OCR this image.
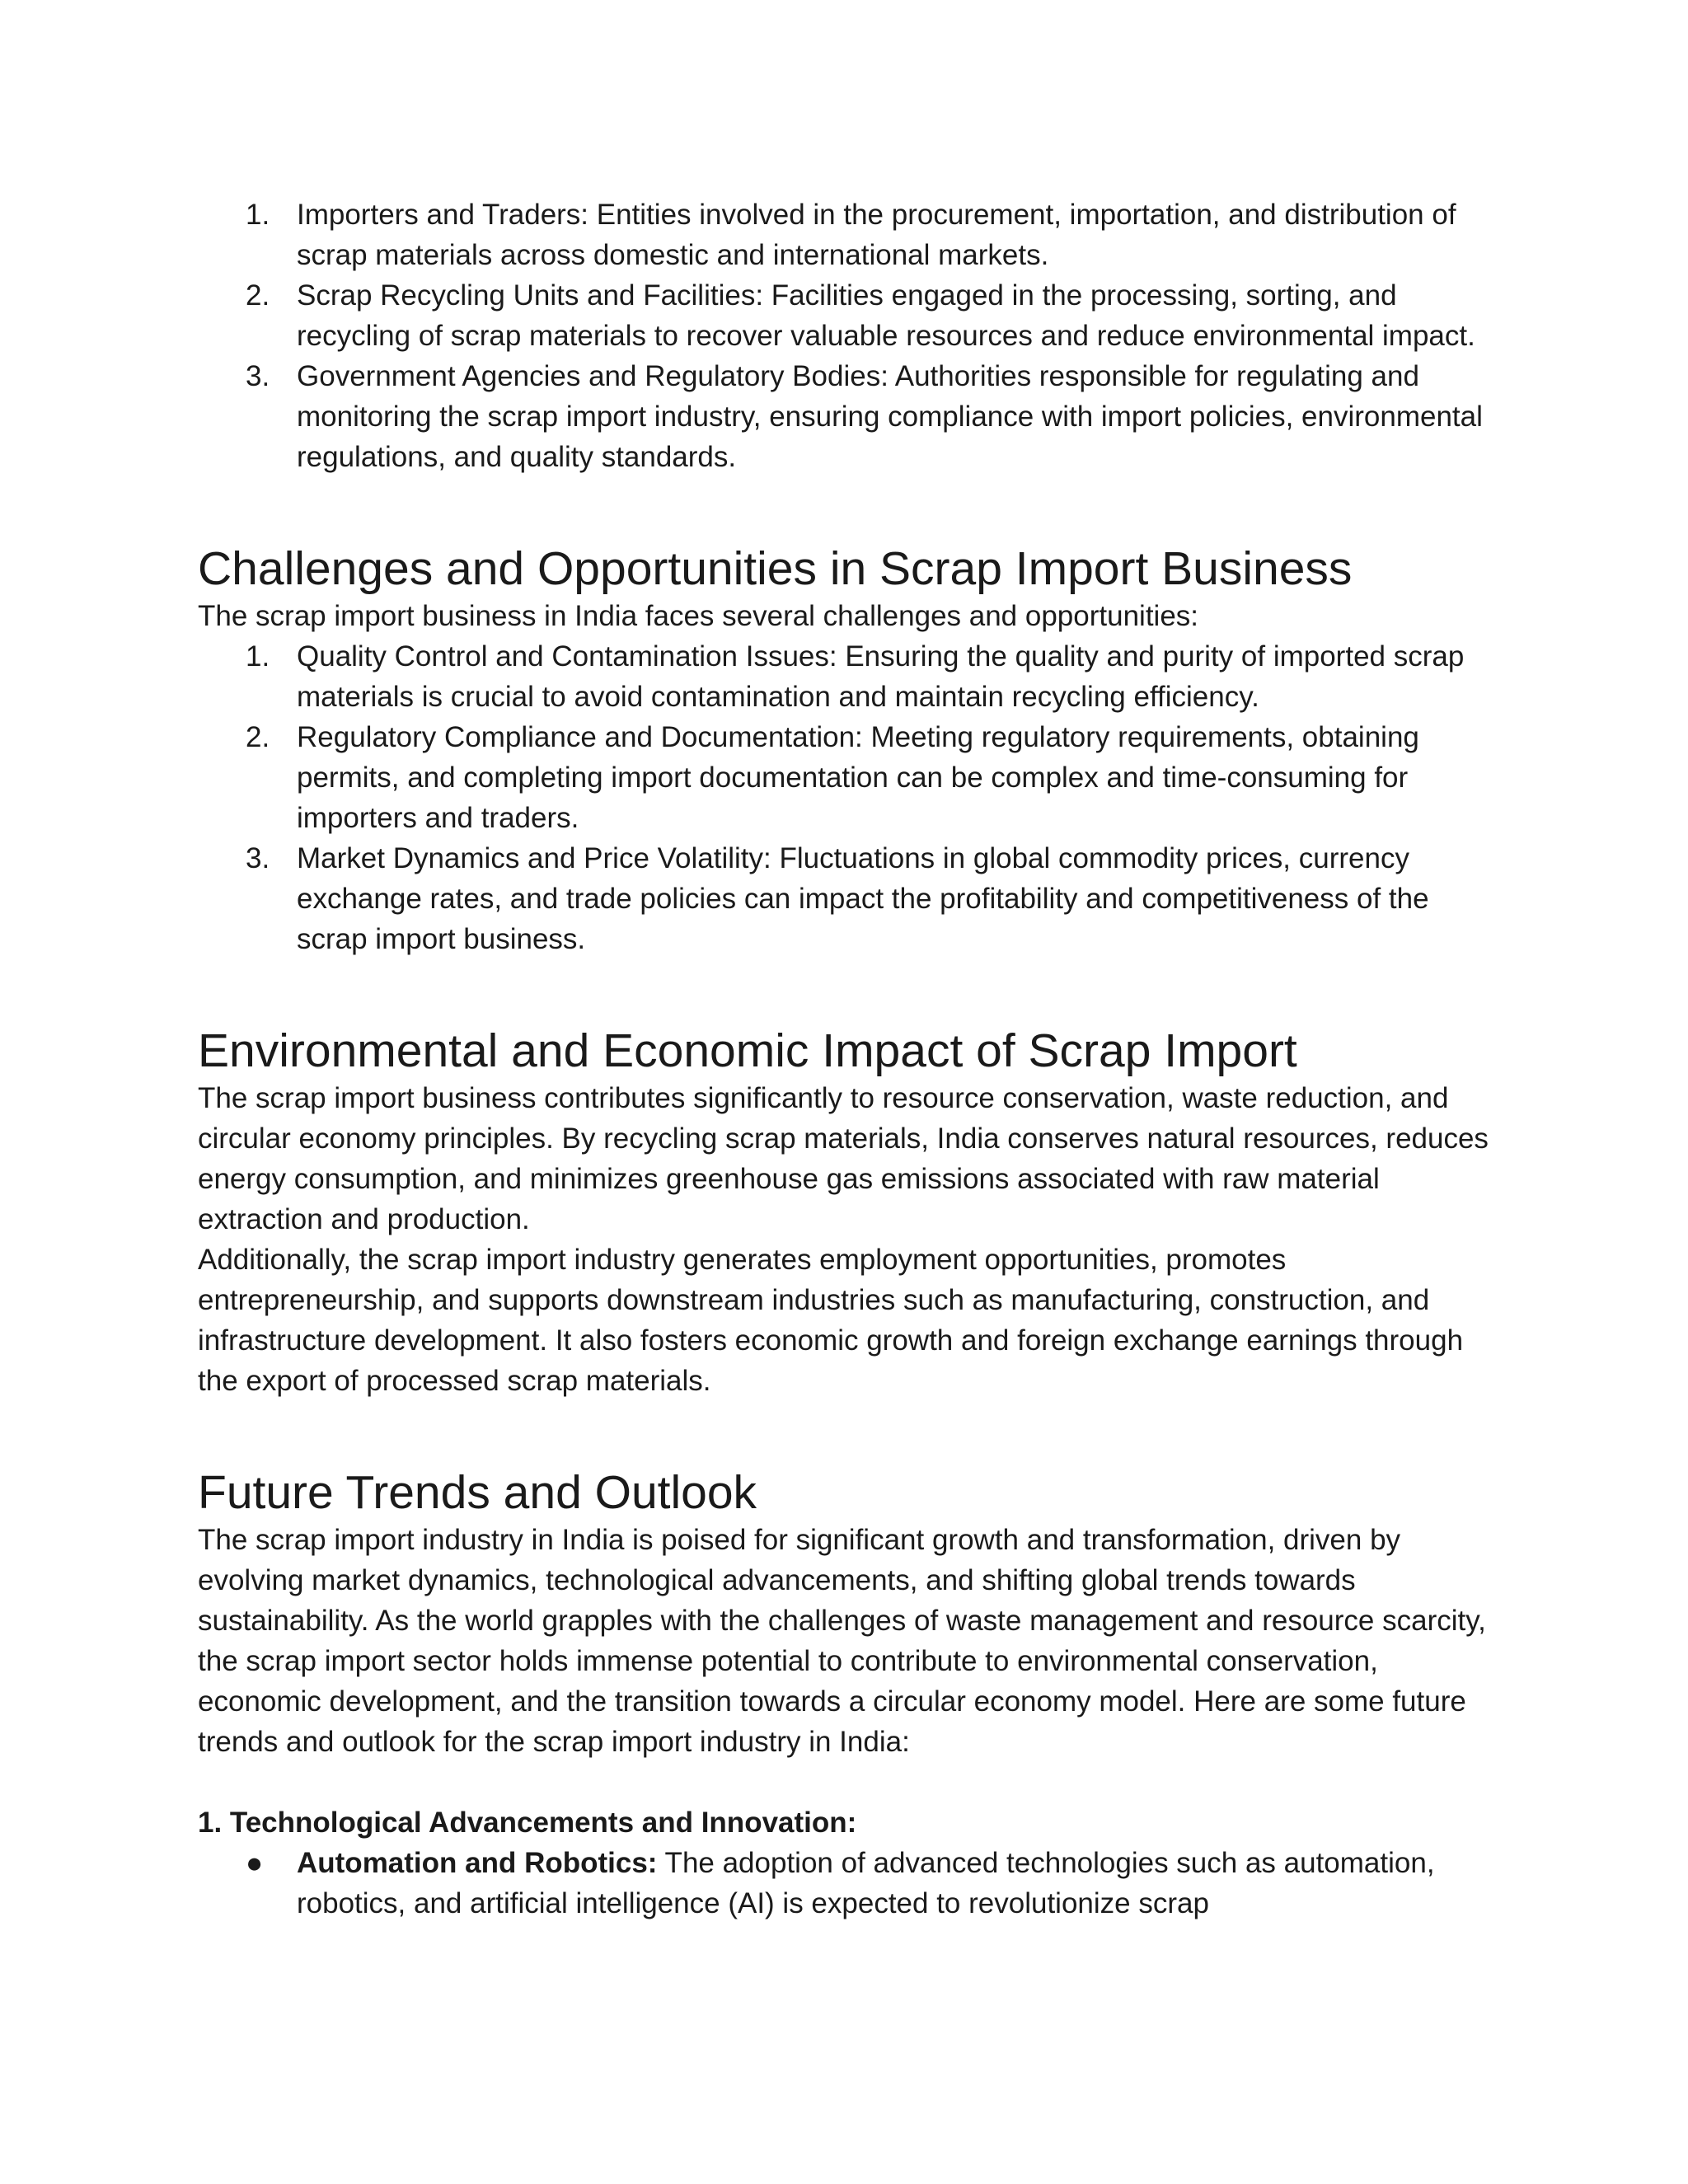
1. Importers and Traders: Entities involved in the procurement, importation, and distribution of scrap materials across domestic and international markets.
2. Scrap Recycling Units and Facilities: Facilities engaged in the processing, sorting, and recycling of scrap materials to recover valuable resources and reduce environmental impact.
3. Government Agencies and Regulatory Bodies: Authorities responsible for regulating and monitoring the scrap import industry, ensuring compliance with import policies, environmental regulations, and quality standards.
Challenges and Opportunities in Scrap Import Business

The scrap import business in India faces several challenges and opportunities:

1. Quality Control and Contamination Issues: Ensuring the quality and purity of imported scrap materials is crucial to avoid contamination and maintain recycling efficiency.
2. Regulatory Compliance and Documentation: Meeting regulatory requirements, obtaining permits, and completing import documentation can be complex and time-consuming for importers and traders.
3. Market Dynamics and Price Volatility: Fluctuations in global commodity prices, currency exchange rates, and trade policies can impact the profitability and competitiveness of the scrap import business.
Environmental and Economic Impact of Scrap Import

The scrap import business contributes significantly to resource conservation, waste reduction, and circular economy principles. By recycling scrap materials, India conserves natural resources, reduces energy consumption, and minimizes greenhouse gas emissions associated with raw material extraction and production.

Additionally, the scrap import industry generates employment opportunities, promotes entrepreneurship, and supports downstream industries such as manufacturing, construction, and infrastructure development. It also fosters economic growth and foreign exchange earnings through the export of processed scrap materials.

Future Trends and Outlook

The scrap import industry in India is poised for significant growth and transformation, driven by evolving market dynamics, technological advancements, and shifting global trends towards sustainability. As the world grapples with the challenges of waste management and resource scarcity, the scrap import sector holds immense potential to contribute to environmental conservation, economic development, and the transition towards a circular economy model. Here are some future trends and outlook for the scrap import industry in India:

1. Technological Advancements and Innovation:

● Automation and Robotics: The adoption of advanced technologies such as automation, robotics, and artificial intelligence (AI) is expected to revolutionize scrap
